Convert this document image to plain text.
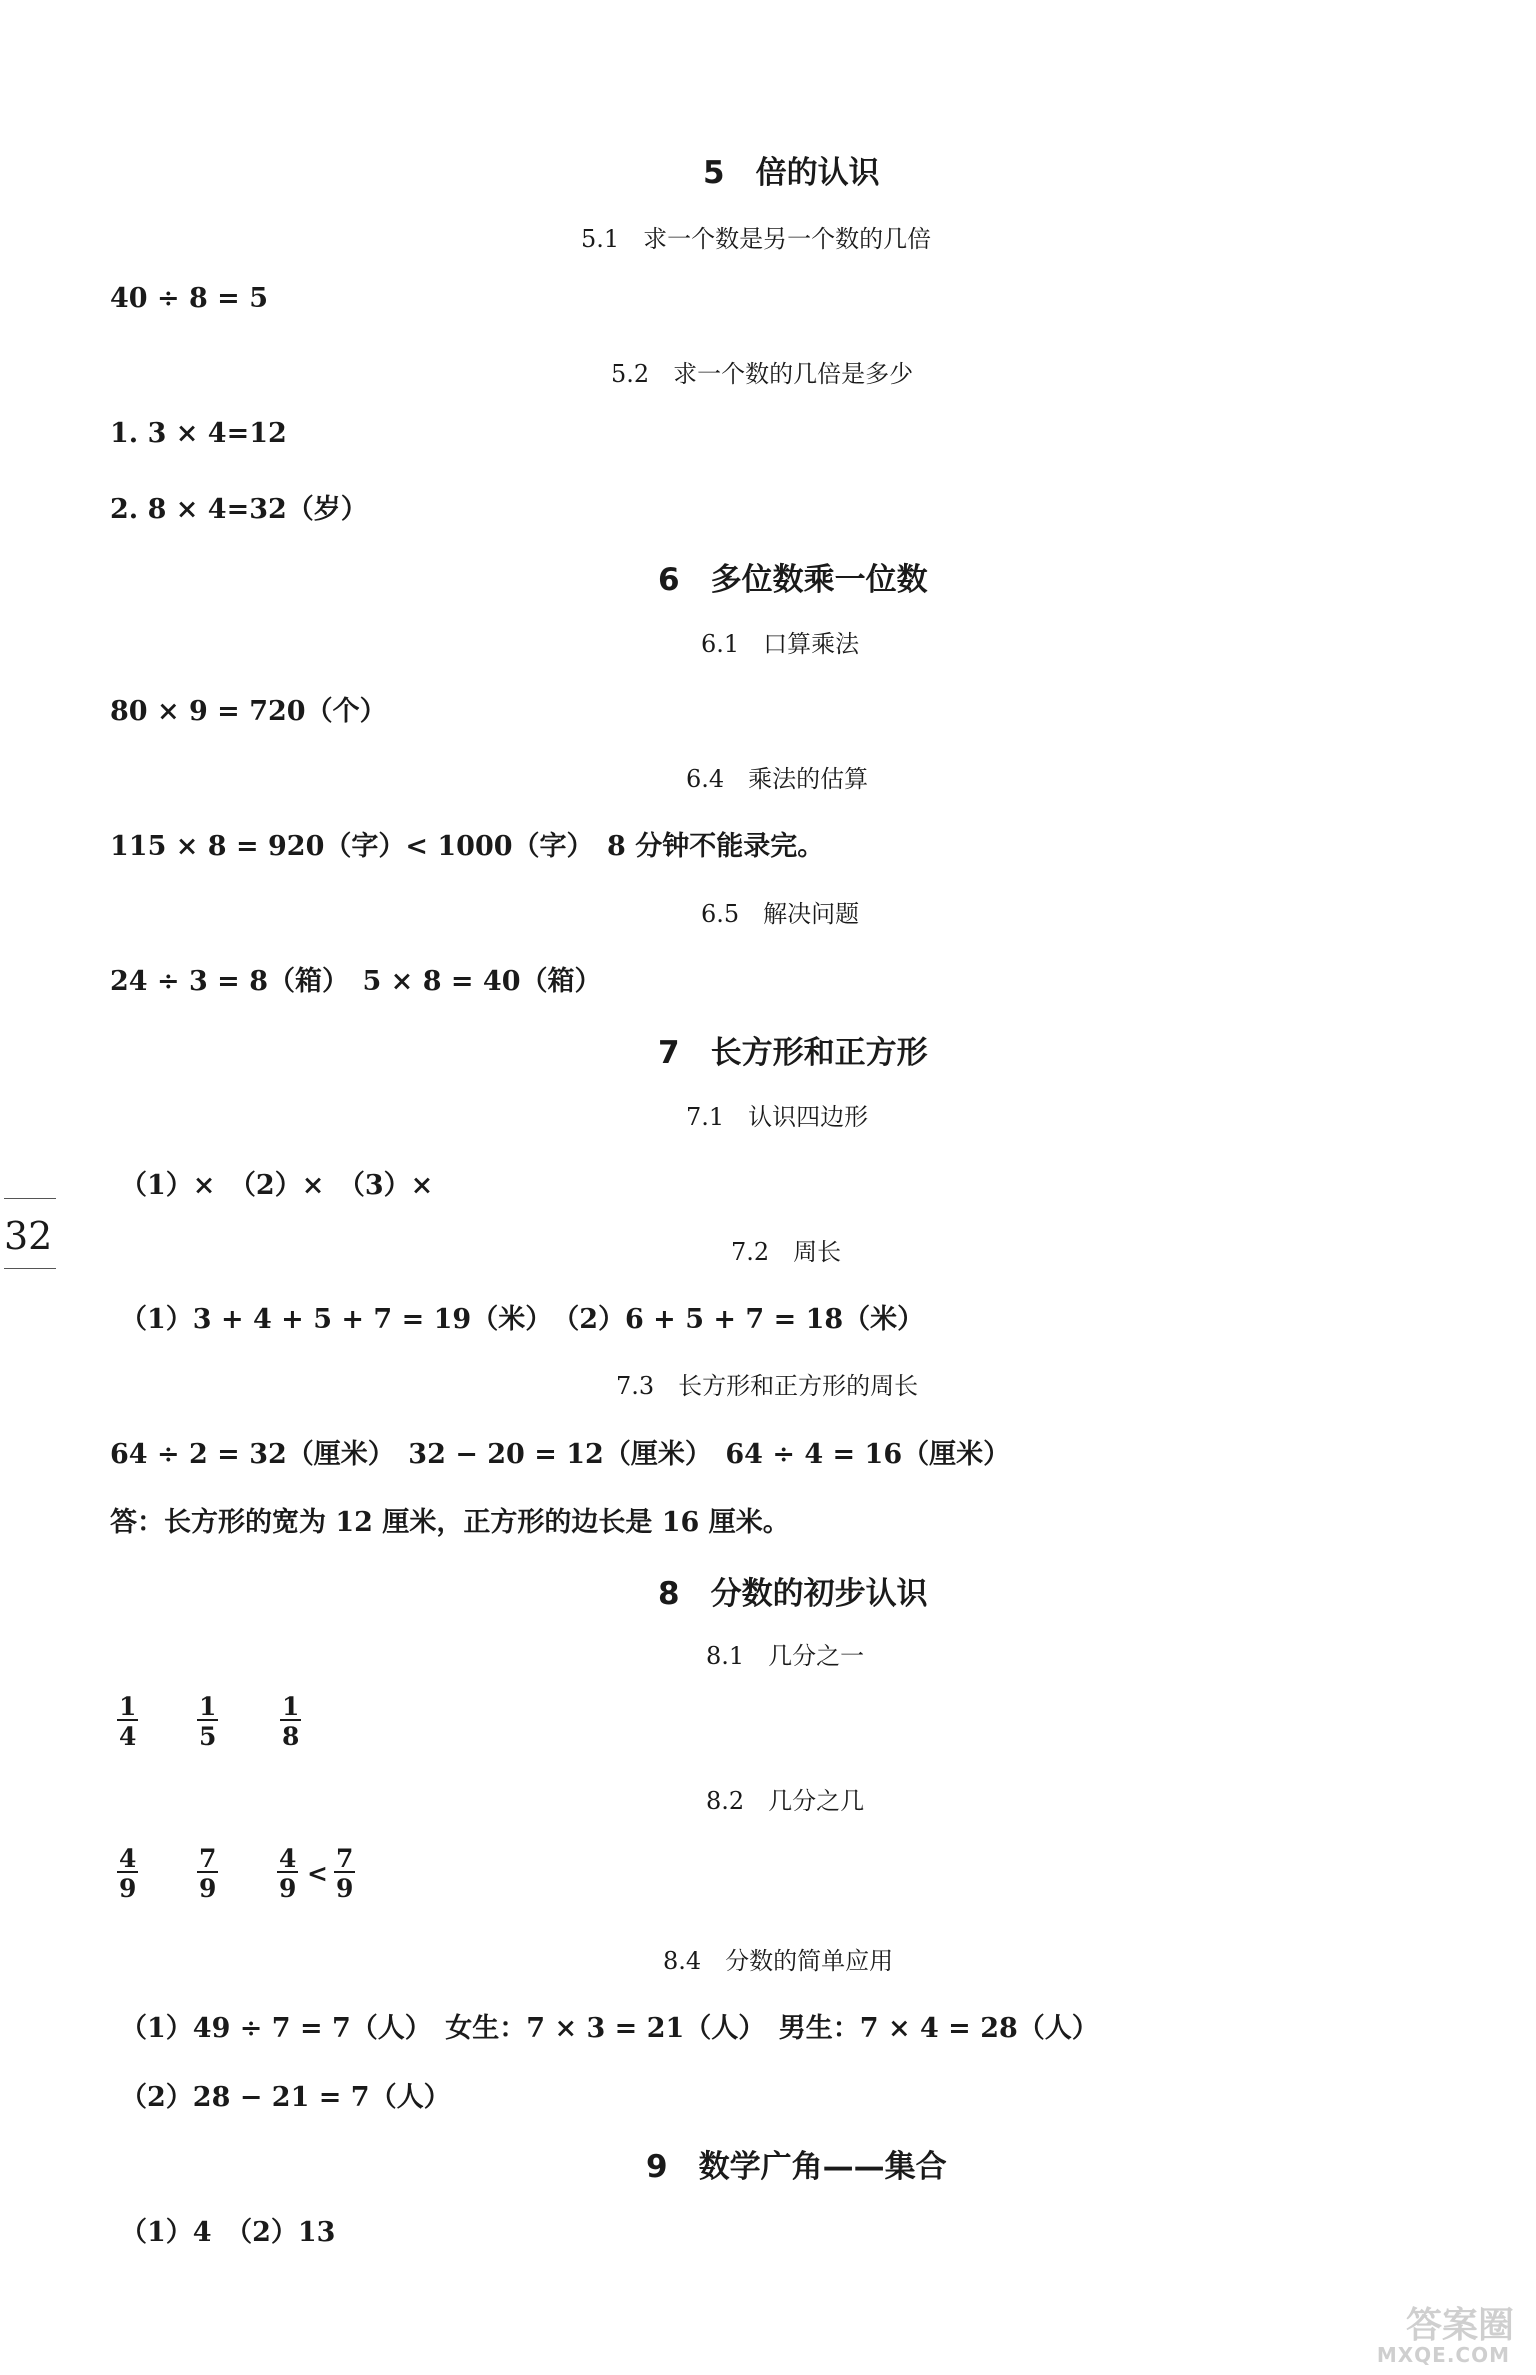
5　倍的认识
5.1　求一个数是另一个数的几倍
40 ÷ 8 = 5
5.2　求一个数的几倍是多少
1. 3 × 4=12
2. 8 × 4=32（岁）
6　多位数乘一位数
6.1　口算乘法
80 × 9 = 720（个）
6.4　乘法的估算
115 × 8 = 920（字）< 1000（字）　8 分钟不能录完。
6.5　解决问题
24 ÷ 3 = 8（箱）　5 × 8 = 40（箱）
7　长方形和正方形
7.1　认识四边形
（1）×　（2）×　（3）×
32	7.2　周长
（1）3 + 4 + 5 + 7 = 19（米）　（2）6 + 5 + 7 = 18（米）
7.3　长方形和正方形的周长
64 ÷ 2 = 32（厘米）　32 − 20 = 12（厘米）　64 ÷ 4 = 16（厘米）
答：长方形的宽为 12 厘米，正方形的边长是 16 厘米。
8　分数的初步认识
8.1　几分之一
$\frac{1}{4} \frac{1}{5} \frac{1}{8}$
8.2　几分之几
$\frac{4}{9} \frac{7}{9} \frac{4}{9} < \frac{7}{9}$
8.4　分数的简单应用
（1）49 ÷ 7 = 7（人）　女生：7 × 3 = 21（人）　男生：7 × 4 = 28（人）
（2）28 − 21 = 7（人）
9　数学广角——集合
（1）4　（2）13
答案圈
MXQE.COM
